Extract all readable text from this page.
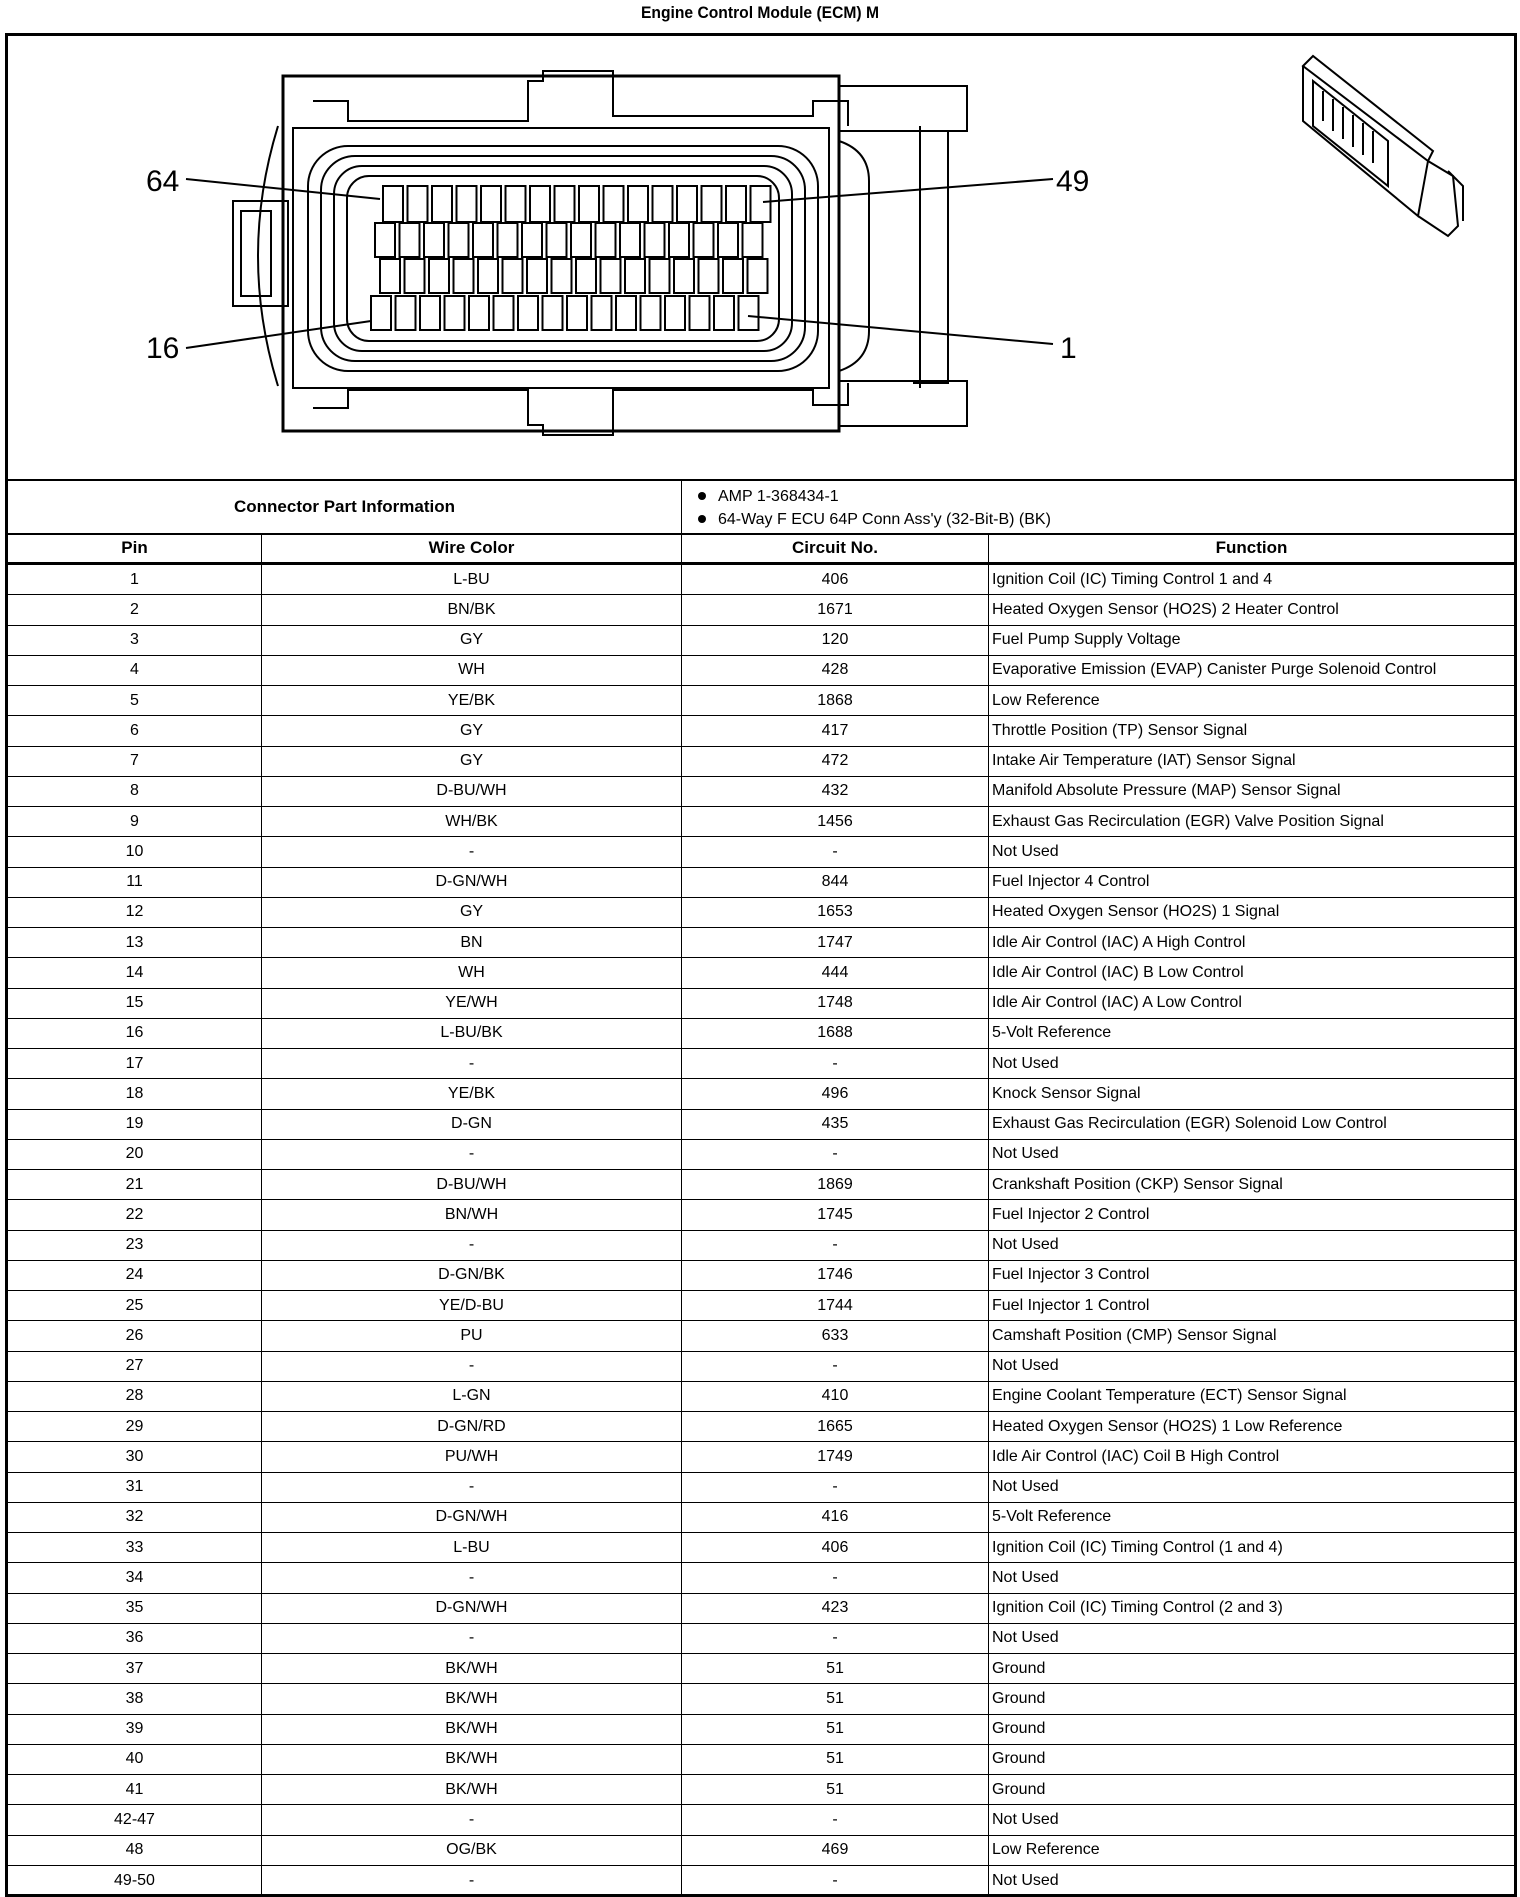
Engine Control Module (ECM) M
64	49
16	1
Connector Part Information
AMP 1-368434-1
64-Way F ECU 64P Conn Ass'y (32-Bit-B) (BK)
Pin	Wire Color	Circuit No.	Function
1	L-BU	406	Ignition Coil (IC) Timing Control 1 and 4
2	BN/BK	1671	Heated Oxygen Sensor (HO2S) 2 Heater Control
3	GY	120	Fuel Pump Supply Voltage
4	WH	428	Evaporative Emission (EVAP) Canister Purge Solenoid Control
5	YE/BK	1868	Low Reference
6	GY	417	Throttle Position (TP) Sensor Signal
7	GY	472	Intake Air Temperature (IAT) Sensor Signal
8	D-BU/WH	432	Manifold Absolute Pressure (MAP) Sensor Signal
9	WH/BK	1456	Exhaust Gas Recirculation (EGR) Valve Position Signal
10	-	-	Not Used
11	D-GN/WH	844	Fuel Injector 4 Control
12	GY	1653	Heated Oxygen Sensor (HO2S) 1 Signal
13	BN	1747	Idle Air Control (IAC) A High Control
14	WH	444	Idle Air Control (IAC) B Low Control
15	YE/WH	1748	Idle Air Control (IAC) A Low Control
16	L-BU/BK	1688	5-Volt Reference
17	-	-	Not Used
18	YE/BK	496	Knock Sensor Signal
19	D-GN	435	Exhaust Gas Recirculation (EGR) Solenoid Low Control
20	-	-	Not Used
21	D-BU/WH	1869	Crankshaft Position (CKP) Sensor Signal
22	BN/WH	1745	Fuel Injector 2 Control
23	-	-	Not Used
24	D-GN/BK	1746	Fuel Injector 3 Control
25	YE/D-BU	1744	Fuel Injector 1 Control
26	PU	633	Camshaft Position (CMP) Sensor Signal
27	-	-	Not Used
28	L-GN	410	Engine Coolant Temperature (ECT) Sensor Signal
29	D-GN/RD	1665	Heated Oxygen Sensor (HO2S) 1 Low Reference
30	PU/WH	1749	Idle Air Control (IAC) Coil B High Control
31	-	-	Not Used
32	D-GN/WH	416	5-Volt Reference
33	L-BU	406	Ignition Coil (IC) Timing Control (1 and 4)
34	-	-	Not Used
35	D-GN/WH	423	Ignition Coil (IC) Timing Control (2 and 3)
36	-	-	Not Used
37	BK/WH	51	Ground
38	BK/WH	51	Ground
39	BK/WH	51	Ground
40	BK/WH	51	Ground
41	BK/WH	51	Ground
42-47	-	-	Not Used
48	OG/BK	469	Low Reference
49-50	-	-	Not Used
